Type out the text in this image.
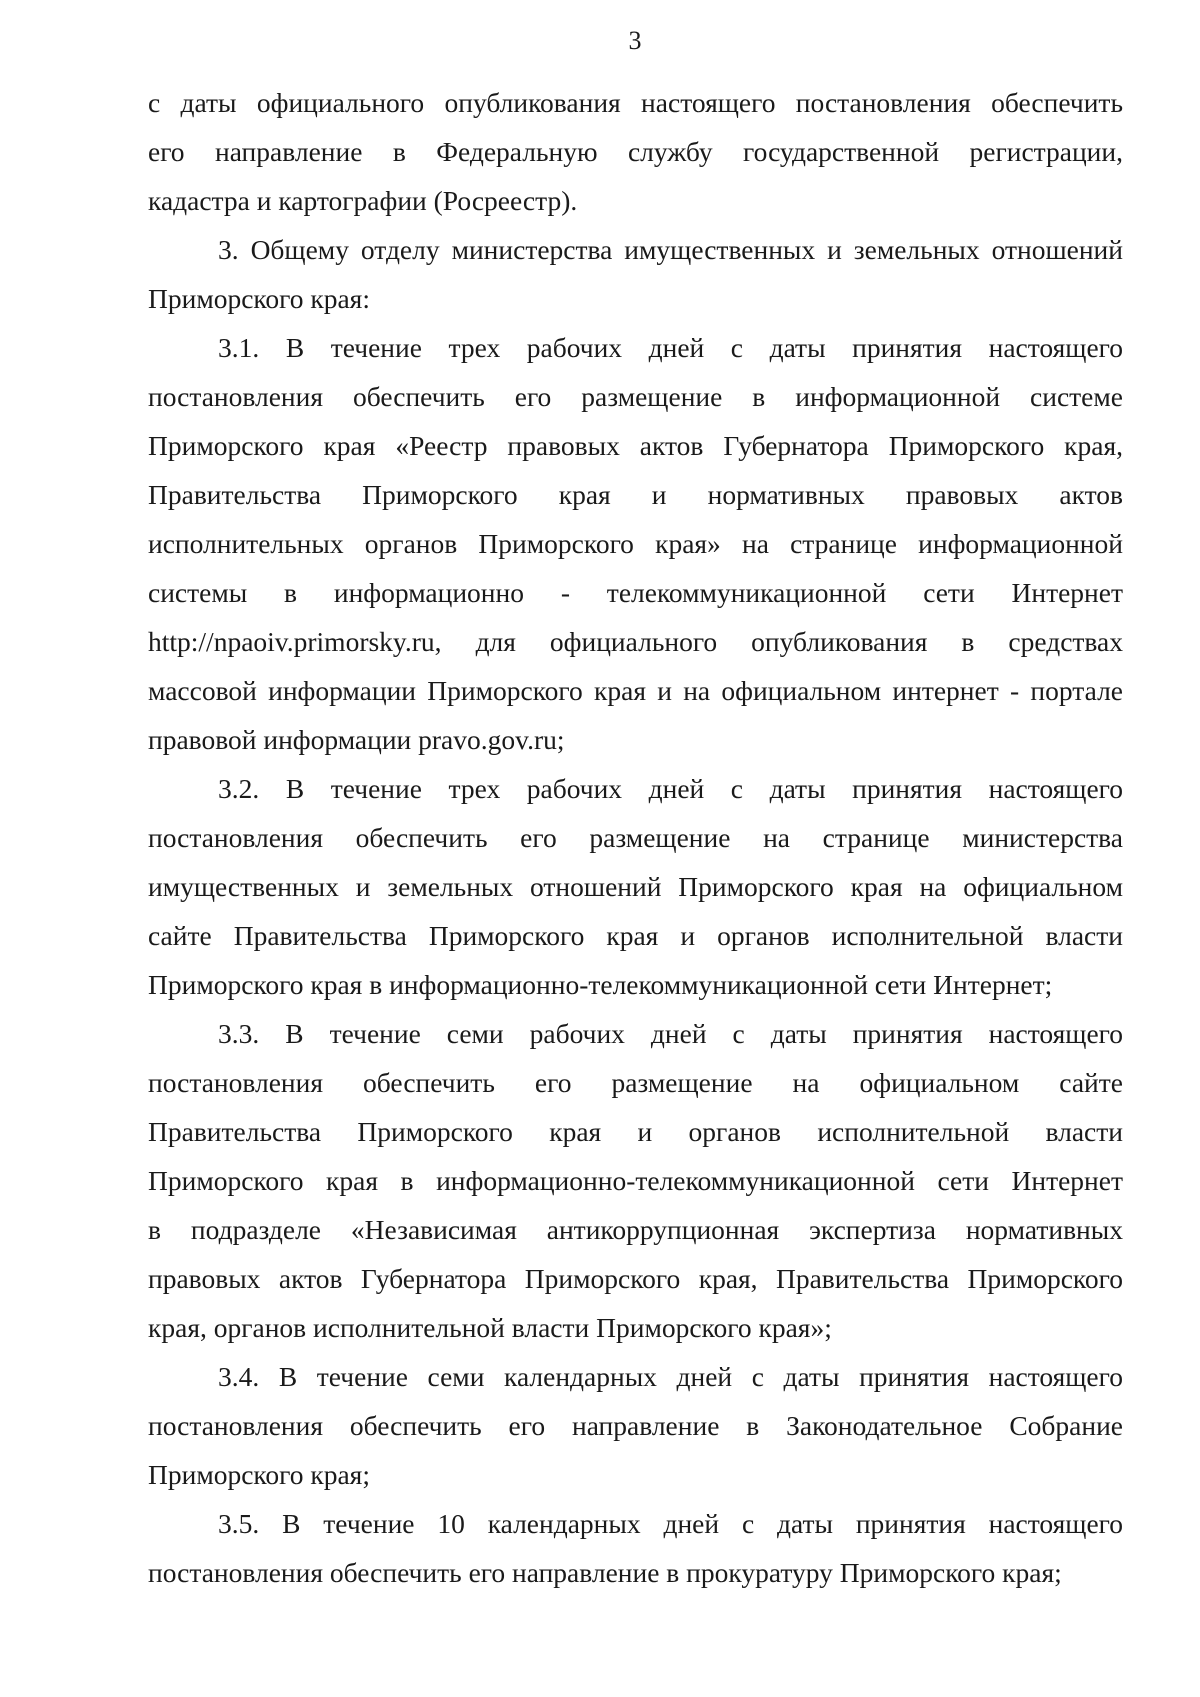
3
с даты официального опубликования настоящего постановления обеспечить
его направление в Федеральную службу государственной регистрации,
кадастра и картографии (Росреестр).
3. Общему отделу министерства имущественных и земельных отношений
Приморского края:
3.1. В течение трех рабочих дней с даты принятия настоящего
постановления обеспечить его размещение в информационной системе
Приморского края «Реестр правовых актов Губернатора Приморского края,
Правительства Приморского края и нормативных правовых актов
исполнительных органов Приморского края» на странице информационной
системы в информационно - телекоммуникационной сети Интернет
http://npaoiv.primorsky.ru, для официального опубликования в средствах
массовой информации Приморского края и на официальном интернет - портале
правовой информации pravo.gov.ru;
3.2. В течение трех рабочих дней с даты принятия настоящего
постановления обеспечить его размещение на странице министерства
имущественных и земельных отношений Приморского края на официальном
сайте Правительства Приморского края и органов исполнительной власти
Приморского края в информационно-телекоммуникационной сети Интернет;
3.3. В течение семи рабочих дней с даты принятия настоящего
постановления обеспечить его размещение на официальном сайте
Правительства Приморского края и органов исполнительной власти
Приморского края в информационно-телекоммуникационной сети Интернет
в подразделе «Независимая антикоррупционная экспертиза нормативных
правовых актов Губернатора Приморского края, Правительства Приморского
края, органов исполнительной власти Приморского края»;
3.4. В течение семи календарных дней с даты принятия настоящего
постановления обеспечить его направление в Законодательное Собрание
Приморского края;
3.5. В течение 10 календарных дней с даты принятия настоящего
постановления обеспечить его направление в прокуратуру Приморского края;
